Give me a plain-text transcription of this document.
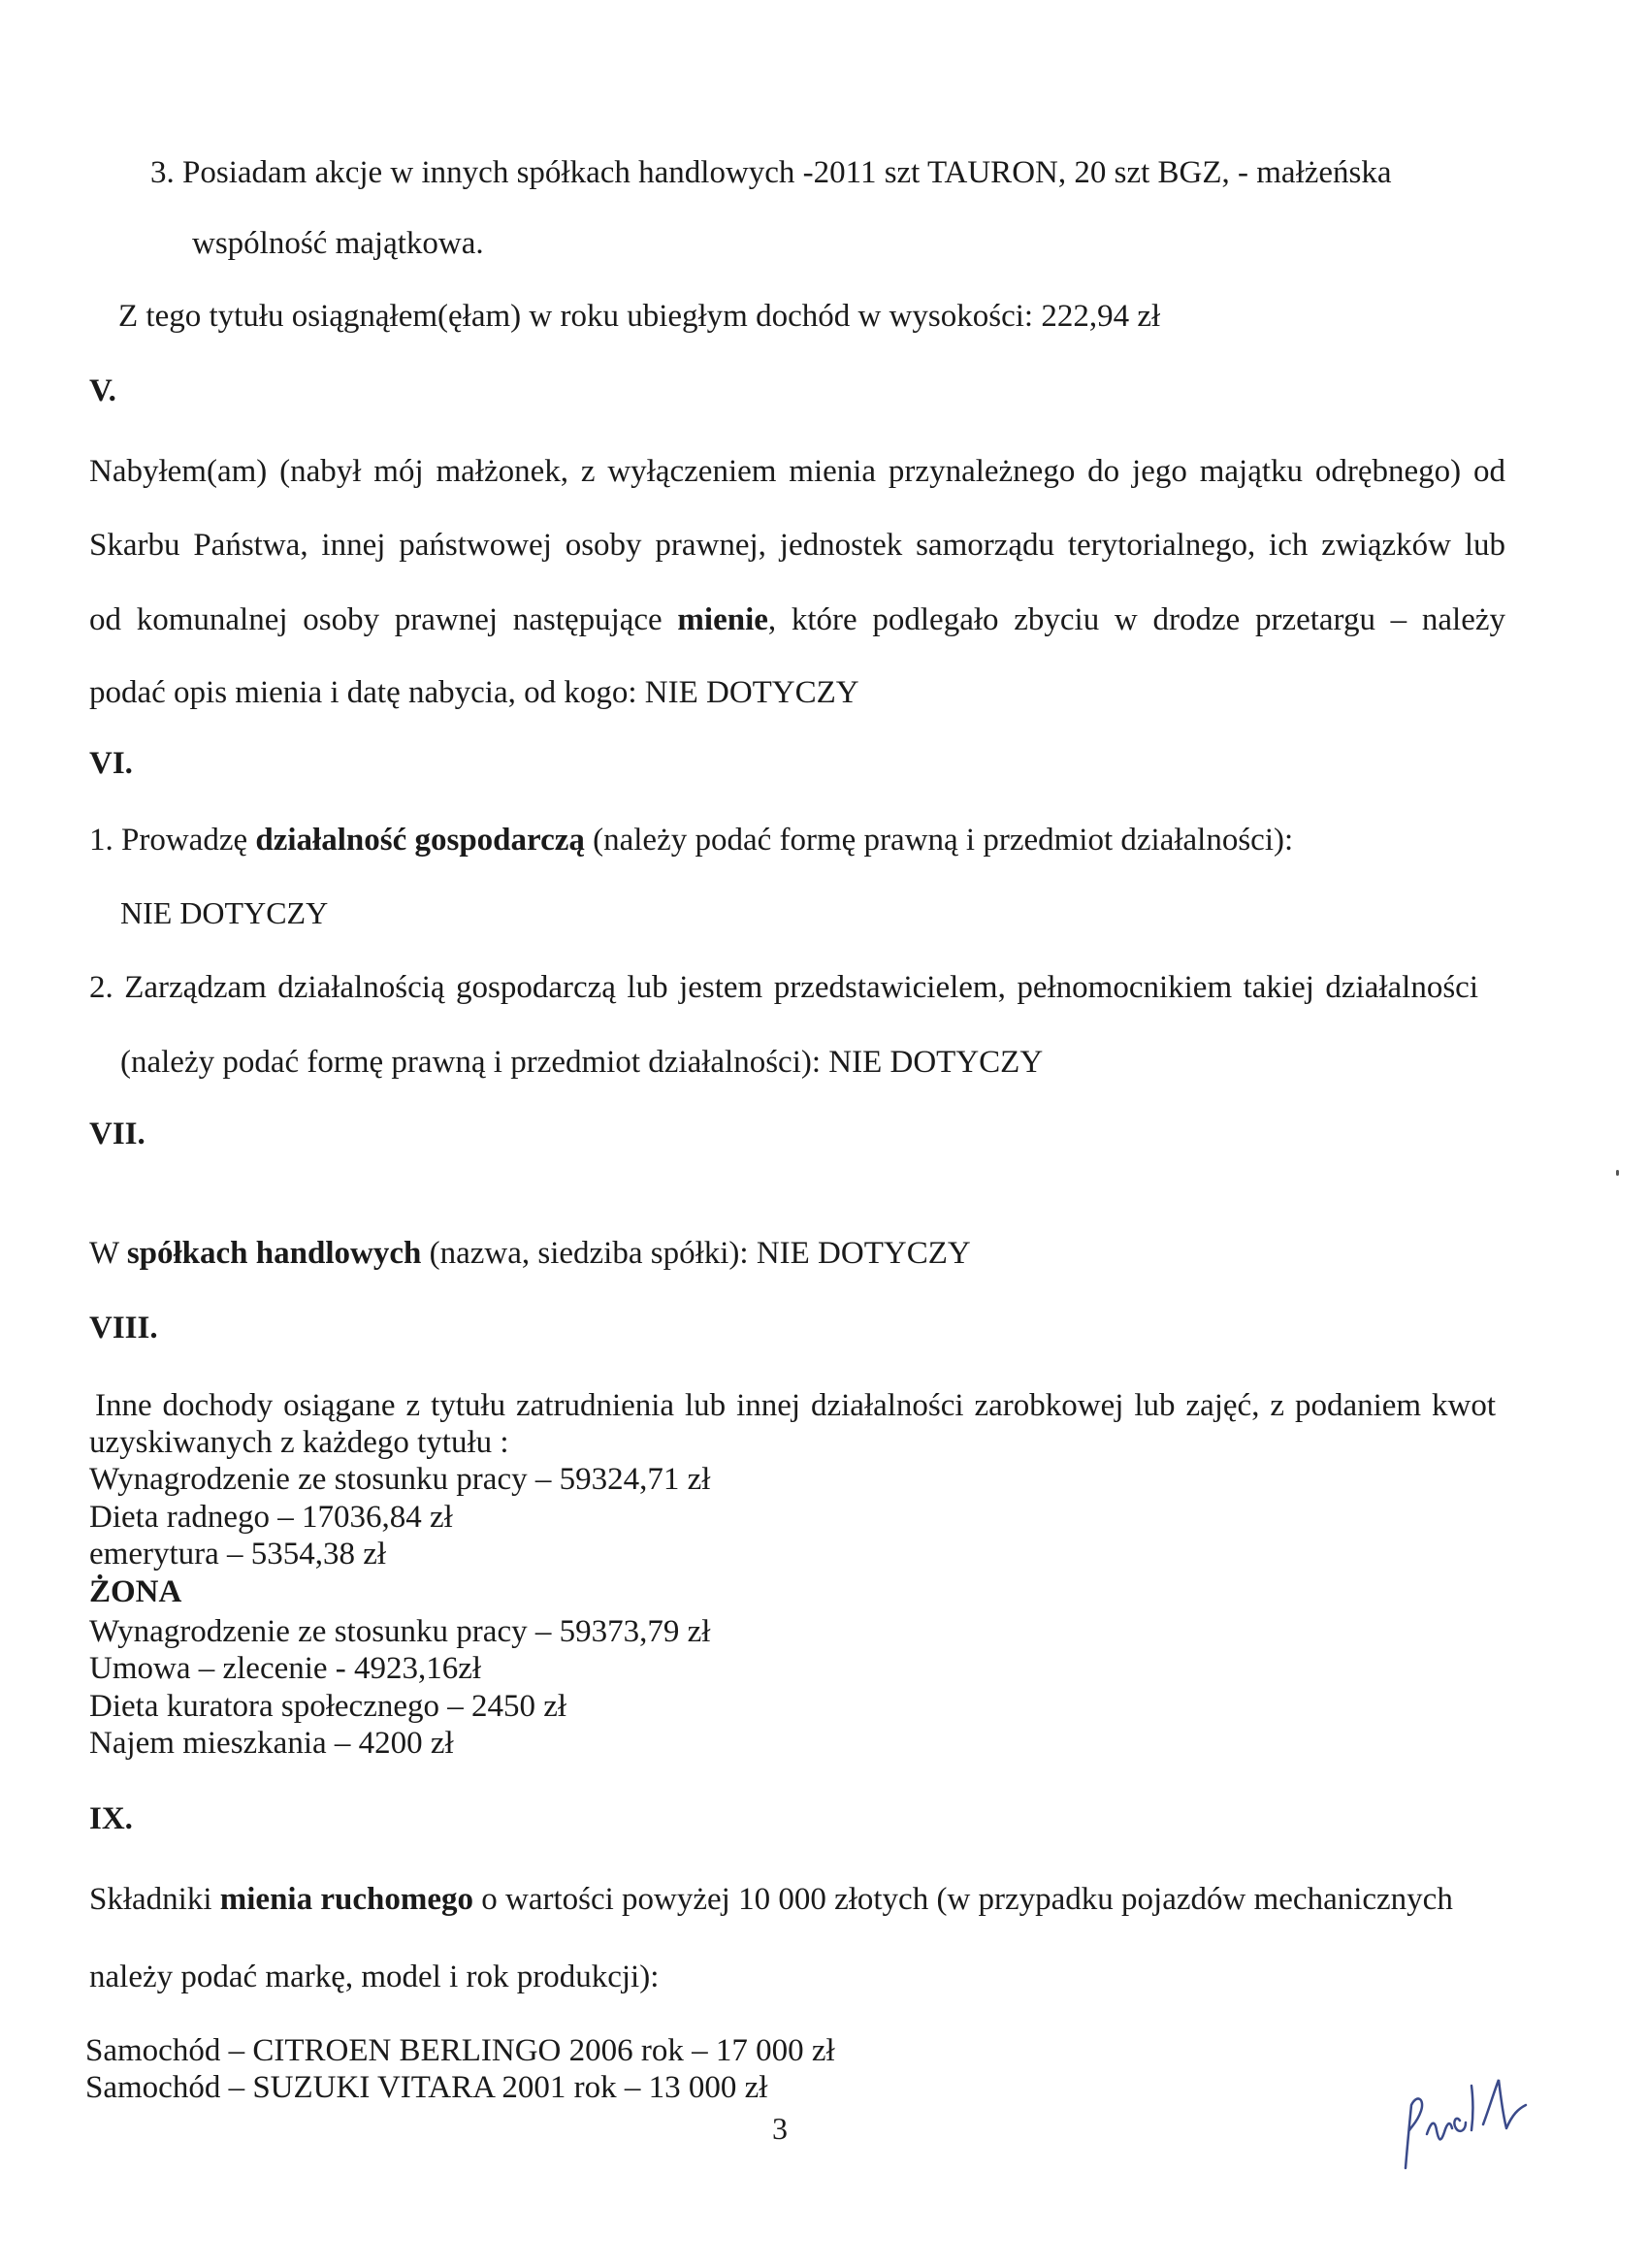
3. Posiadam akcje w innych spółkach handlowych -2011 szt TAURON, 20 szt BGZ, - małżeńska
wspólność majątkowa.
Z tego tytułu osiągnąłem(ęłam) w roku ubiegłym dochód w wysokości: 222,94 zł
V.
Nabyłem(am) (nabył mój małżonek, z wyłączeniem mienia przynależnego do jego majątku odrębnego) od
Skarbu Państwa, innej państwowej osoby prawnej, jednostek samorządu terytorialnego, ich związków lub
od komunalnej osoby prawnej następujące mienie, które podlegało zbyciu w drodze przetargu – należy
podać opis mienia i datę nabycia, od kogo: NIE DOTYCZY
VI.
1. Prowadzę działalność gospodarczą (należy podać formę prawną i przedmiot działalności):
NIE DOTYCZY
2. Zarządzam działalnością gospodarczą lub jestem przedstawicielem, pełnomocnikiem takiej działalności
(należy podać formę prawną i przedmiot działalności): NIE DOTYCZY
VII.
W spółkach handlowych (nazwa, siedziba spółki): NIE DOTYCZY
VIII.
Inne dochody osiągane z tytułu zatrudnienia lub innej działalności zarobkowej lub zajęć, z podaniem kwot
uzyskiwanych z każdego tytułu :
Wynagrodzenie ze stosunku pracy – 59324,71 zł
Dieta radnego – 17036,84 zł
emerytura – 5354,38 zł
ŻONA
Wynagrodzenie ze stosunku pracy – 59373,79 zł
Umowa – zlecenie - 4923,16zł
Dieta kuratora społecznego – 2450 zł
Najem mieszkania – 4200 zł
IX.
Składniki mienia ruchomego o wartości powyżej 10 000 złotych (w przypadku pojazdów mechanicznych
należy podać markę, model i rok produkcji):
Samochód – CITROEN BERLINGO 2006 rok – 17 000 zł
Samochód – SUZUKI VITARA 2001 rok – 13 000 zł
3
